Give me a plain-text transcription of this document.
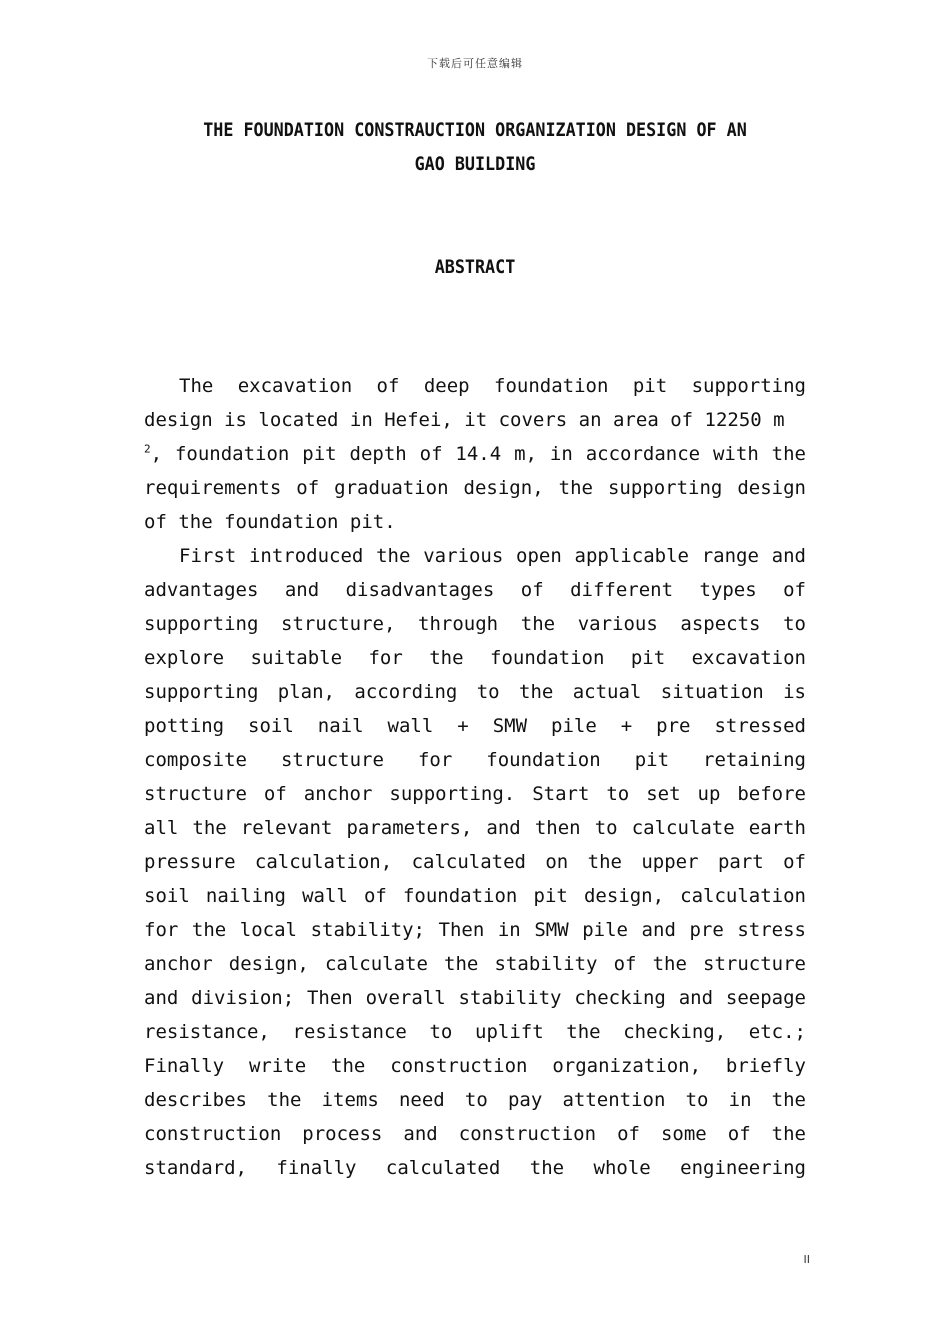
下载后可任意编辑
THE FOUNDATION CONSTRAUCTION ORGANIZATION DESIGN OF AN
GAO BUILDING
ABSTRACT

The excavation of deep foundation pit supporting design is located in Hefei, it covers an area of 12250 m
$^2$, foundation pit depth of 14.4 m, in accordance with the requirements of graduation design, the supporting design of the foundation pit.

First introduced the various open applicable range and advantages and disadvantages of different types of supporting structure, through the various aspects to explore suitable for the foundation pit excavation supporting plan, according to the actual situation is potting soil nail wall + SMW pile + pre stressed composite structure for foundation pit retaining structure of anchor supporting. Start to set up before all the relevant parameters, and then to calculate earth pressure calculation, calculated on the upper part of soil nailing wall of foundation pit design, calculation for the local stability; Then in SMW pile and pre stress anchor design, calculate the stability of the structure and division; Then overall stability checking and seepage resistance, resistance to uplift the checking, etc.; Finally write the construction organization, briefly describes the items need to pay attention to in the construction process and construction of some of the standard, finally calculated the whole engineering

II
